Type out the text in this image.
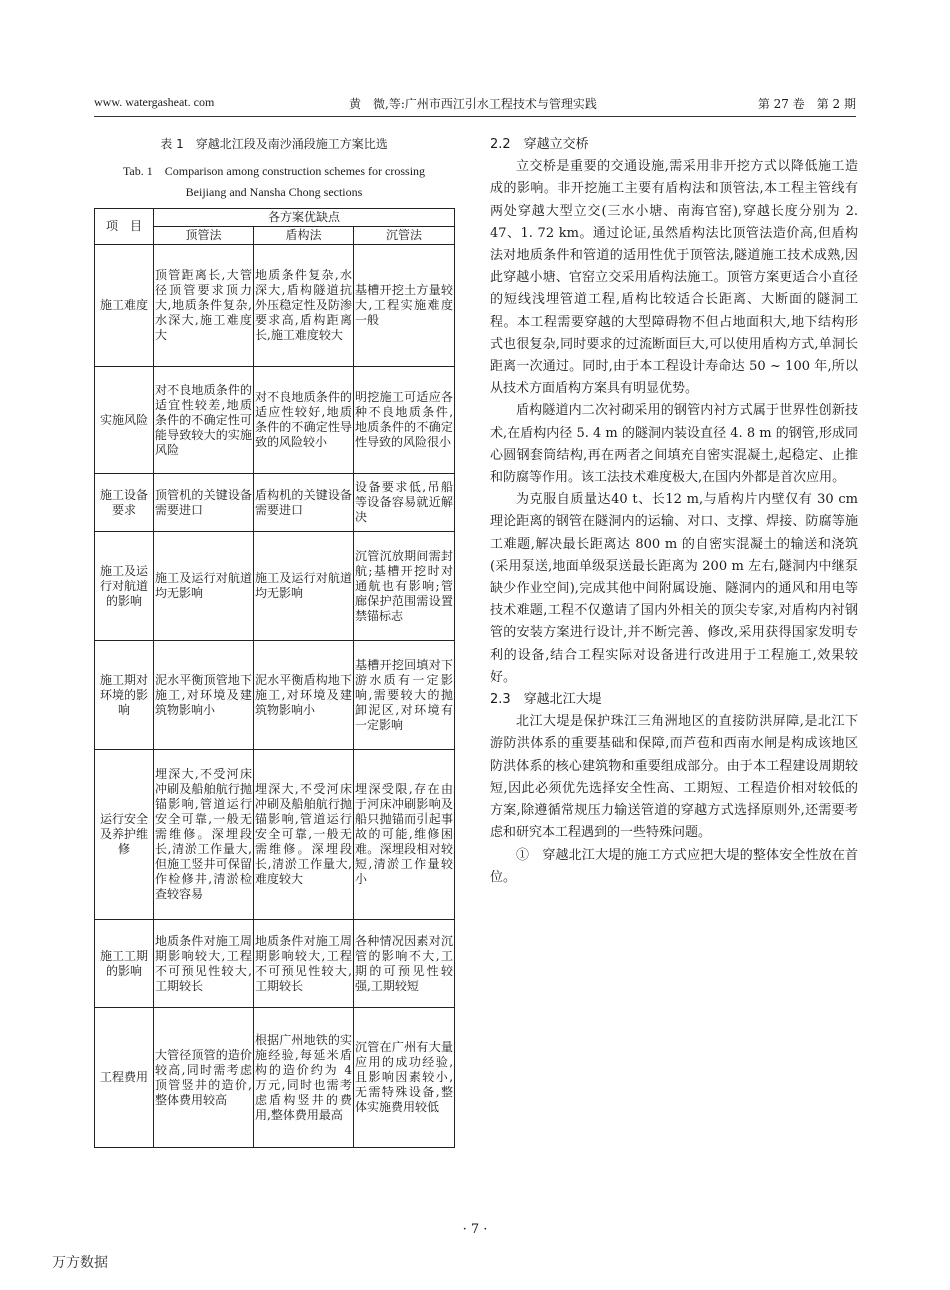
www. watergasheat. com	黄　微,等:广州市西江引水工程技术与管理实践	第 27 卷　第 2 期
表 1　穿越北江段及南沙涌段施工方案比选
Tab. 1　Comparison among construction schemes for crossing
Beijiang and Nansha Chong sections
项　目	各方案优缺点		
	顶管法	盾构法	沉管法
施工难度	顶管距离长,大管径顶管要求顶力大,地质条件复杂,水深大,施工难度大	地质条件复杂,水深大,盾构隧道抗外压稳定性及防渗要求高,盾构距离长,施工难度较大	基槽开挖土方量较大,工程实施难度一般
实施风险	对不良地质条件的适宜性较差,地质条件的不确定性可能导致较大的实施风险	对不良地质条件的适应性较好,地质条件的不确定性导致的风险较小	明挖施工可适应各种不良地质条件,地质条件的不确定性导致的风险很小
施工设备要求	顶管机的关键设备需要进口	盾构机的关键设备需要进口	设备要求低,吊船等设备容易就近解决
施工及运行对航道的影响	施工及运行对航道均无影响	施工及运行对航道均无影响	沉管沉放期间需封航;基槽开挖时对通航也有影响;管廊保护范围需设置禁锚标志
施工期对环境的影响	泥水平衡顶管地下施工,对环境及建筑物影响小	泥水平衡盾构地下施工,对环境及建筑物影响小	基槽开挖回填对下游水质有一定影响,需要较大的抛卸泥区,对环境有一定影响
运行安全及养护维修	埋深大,不受河床冲刷及船舶航行抛锚影响,管道运行安全可靠,一般无需维修。深埋段长,清淤工作量大,但施工竖井可保留作检修井,清淤检查较容易	埋深大,不受河床冲刷及船舶航行抛锚影响,管道运行安全可靠,一般无需维修。深埋段长,清淤工作量大,难度较大	埋深受限,存在由于河床冲刷影响及船只抛锚而引起事故的可能,维修困难。深埋段相对较短,清淤工作量较小
施工工期的影响	地质条件对施工周期影响较大,工程不可预见性较大,工期较长	地质条件对施工周期影响较大,工程不可预见性较大,工期较长	各种情况因素对沉管的影响不大,工期的可预见性较强,工期较短
工程费用	大管径顶管的造价较高,同时需考虑顶管竖井的造价,整体费用较高	根据广州地铁的实施经验,每延米盾构的造价约为 4 万元,同时也需考虑盾构竖井的费用,整体费用最高	沉管在广州有大量应用的成功经验,且影响因素较小,无需特殊设备,整体实施费用较低
2.2　穿越立交桥

立交桥是重要的交通设施,需采用非开挖方式以降低施工造成的影响。非开挖施工主要有盾构法和顶管法,本工程主管线有两处穿越大型立交(三水小塘、南海官窑),穿越长度分别为 2. 47、1. 72 km。通过论证,虽然盾构法比顶管法造价高,但盾构法对地质条件和管道的适用性优于顶管法,隧道施工技术成熟,因此穿越小塘、官窑立交采用盾构法施工。顶管方案更适合小直径的短线浅埋管道工程,盾构比较适合长距离、大断面的隧洞工程。本工程需要穿越的大型障碍物不但占地面积大,地下结构形式也很复杂,同时要求的过流断面巨大,可以使用盾构方式,单洞长距离一次通过。同时,由于本工程设计寿命达 50 ~ 100 年,所以从技术方面盾构方案具有明显优势。

盾构隧道内二次衬砌采用的钢管内衬方式属于世界性创新技术,在盾构内径 5. 4 m 的隧洞内装设直径 4. 8 m 的钢管,形成同心圆钢套筒结构,再在两者之间填充自密实混凝土,起稳定、止推和防腐等作用。该工法技术难度极大,在国内外都是首次应用。

为克服自质量达40 t、长12 m,与盾构片内壁仅有 30 cm 理论距离的钢管在隧洞内的运输、对口、支撑、焊接、防腐等施工难题,解决最长距离达 800 m 的自密实混凝土的输送和浇筑(采用泵送,地面单级泵送最长距离为 200 m 左右,隧洞内中继泵缺少作业空间),完成其他中间附属设施、隧洞内的通风和用电等技术难题,工程不仅邀请了国内外相关的顶尖专家,对盾构内衬钢管的安装方案进行设计,并不断完善、修改,采用获得国家发明专利的设备,结合工程实际对设备进行改进用于工程施工,效果较好。

2.3　穿越北江大堤

北江大堤是保护珠江三角洲地区的直接防洪屏障,是北江下游防洪体系的重要基础和保障,而芦苞和西南水闸是构成该地区防洪体系的核心建筑物和重要组成部分。由于本工程建设周期较短,因此必须优先选择安全性高、工期短、工程造价相对较低的方案,除遵循常规压力输送管道的穿越方式选择原则外,还需要考虑和研究本工程遇到的一些特殊问题。

①　穿越北江大堤的施工方式应把大堤的整体安全性放在首位。

· 7 ·
万方数据
